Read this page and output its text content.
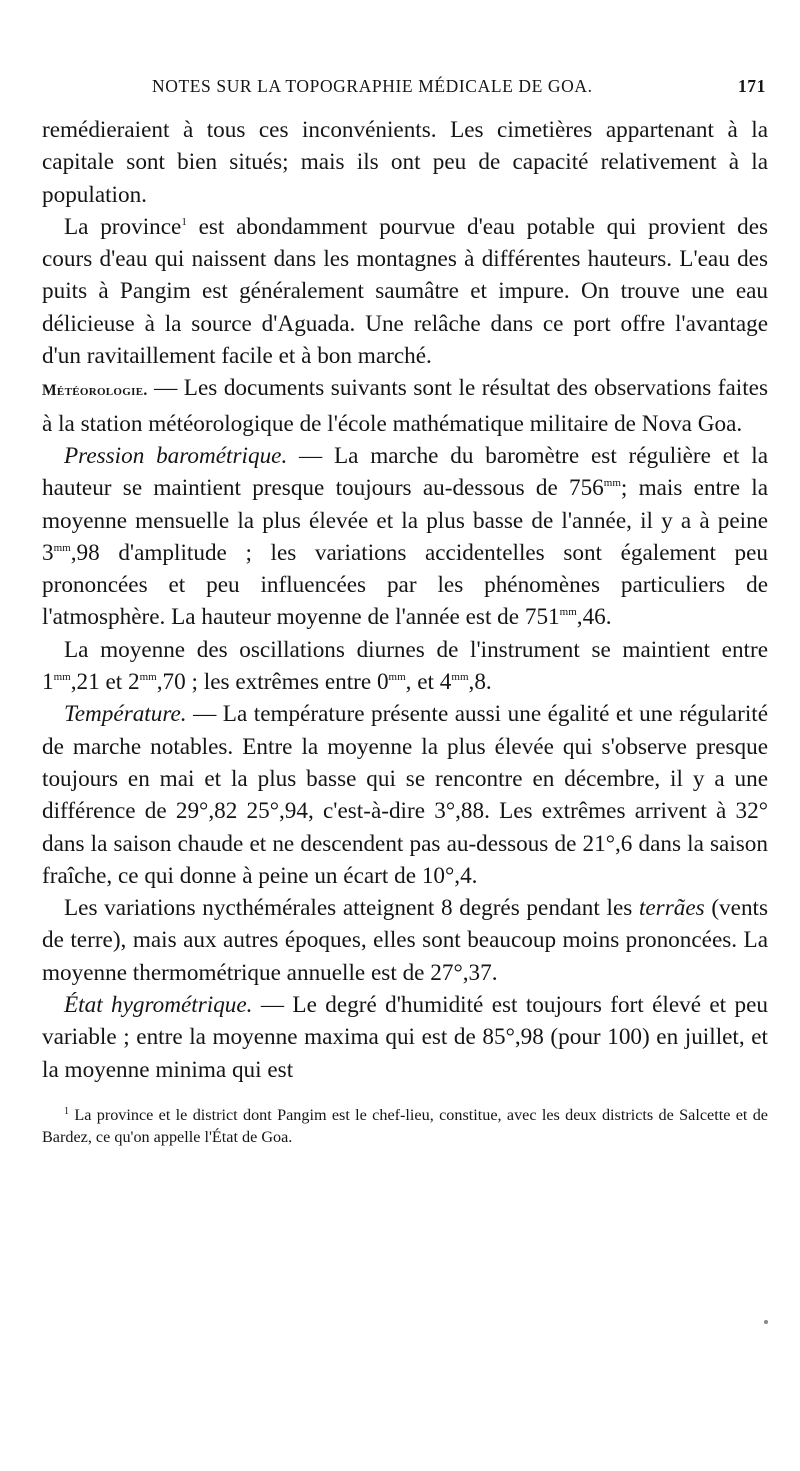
NOTES SUR LA TOPOGRAPHIE MÉDICALE DE GOA.	171

remédieraient à tous ces inconvénients. Les cimetières appartenant à la capitale sont bien situés; mais ils ont peu de capacité relativement à la population.

La province$^1$ est abondamment pourvue d'eau potable qui provient des cours d'eau qui naissent dans les montagnes à différentes hauteurs. L'eau des puits à Pangim est généralement saumâtre et impure. On trouve une eau délicieuse à la source d'Aguada. Une relâche dans ce port offre l'avantage d'un ravitaillement facile et à bon marché.

Météorologie. — Les documents suivants sont le résultat des observations faites à la station météorologique de l'école mathématique militaire de Nova Goa.

Pression barométrique. — La marche du baromètre est régulière et la hauteur se maintient presque toujours au-dessous de $756^{mm}$; mais entre la moyenne mensuelle la plus élevée et la plus basse de l'année, il y a à peine $3^{mm},98$ d'amplitude ; les variations accidentelles sont également peu prononcées et peu influencées par les phénomènes particuliers de l'atmosphère. La hauteur moyenne de l'année est de $751^{mm},46$.

La moyenne des oscillations diurnes de l'instrument se maintient entre $1^{mm},21$ et $2^{mm},70$ ; les extrêmes entre $0^{mm}$, et $4^{mm},8$.

Température. — La température présente aussi une égalité et une régularité de marche notables. Entre la moyenne la plus élevée qui s'observe presque toujours en mai et la plus basse qui se rencontre en décembre, il y a une différence de 29°,82 25°,94, c'est-à-dire 3°,88. Les extrêmes arrivent à 32° dans la saison chaude et ne descendent pas au-dessous de 21°,6 dans la saison fraîche, ce qui donne à peine un écart de 10°,4.

Les variations nycthémérales atteignent 8 degrés pendant les terrães (vents de terre), mais aux autres époques, elles sont beaucoup moins prononcées. La moyenne thermométrique annuelle est de 27°,37.

État hygrométrique. — Le degré d'humidité est toujours fort élevé et peu variable ; entre la moyenne maxima qui est de 85°,98 (pour 100) en juillet, et la moyenne minima qui est

$^1$ La province et le district dont Pangim est le chef-lieu, constitue, avec les deux districts de Salcette et de Bardez, ce qu'on appelle l'État de Goa.
